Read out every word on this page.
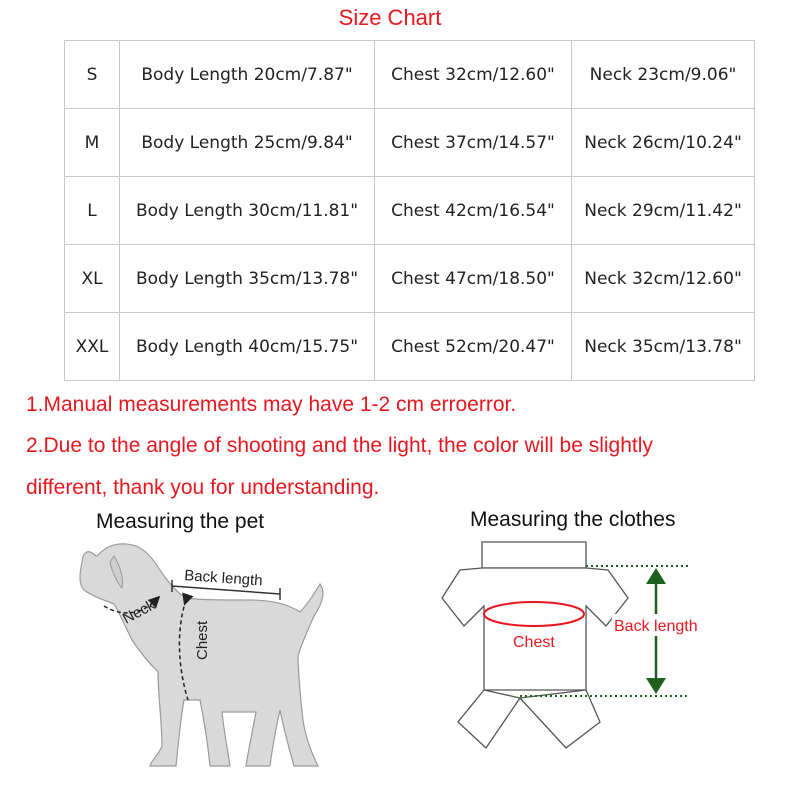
Size Chart
S	Body Length 20cm/7.87"	Chest 32cm/12.60"	Neck 23cm/9.06"
M	Body Length 25cm/9.84"	Chest 37cm/14.57"	Neck 26cm/10.24"
L	Body Length 30cm/11.81"	Chest 42cm/16.54"	Neck 29cm/11.42"
XL	Body Length 35cm/13.78"	Chest 47cm/18.50"	Neck 32cm/12.60"
XXL	Body Length 40cm/15.75"	Chest 52cm/20.47"	Neck 35cm/13.78"
1.Manual measurements may have 1-2 cm erroerror.
2.Due to the angle of shooting and the light, the color will be slightly
different, thank you for understanding.
Measuring the pet	Measuring the clothes
Back length
Neck
Chest	Chest
Back length
